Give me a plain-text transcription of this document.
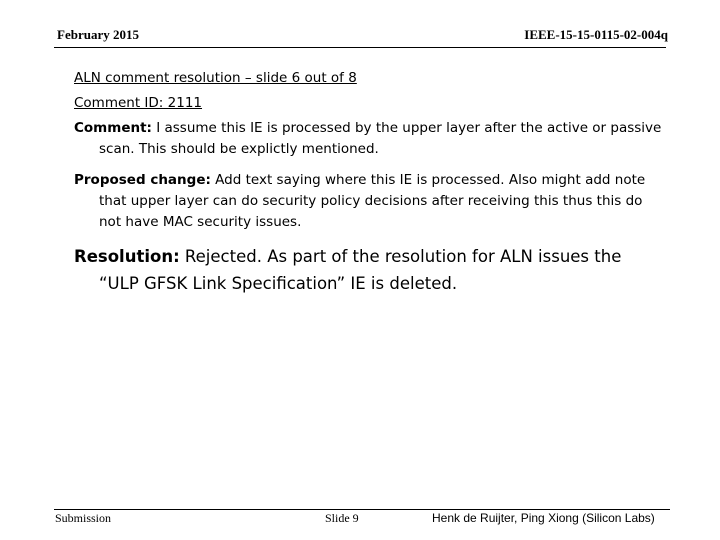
February 2015	IEEE-15-15-0115-02-004q

ALN comment resolution – slide 6 out of 8

Comment ID: 2111

Comment: I assume this IE is processed by the upper layer after the active or passive scan. This should be explictly mentioned.

Proposed change: Add text saying where this IE is processed. Also might add note that upper layer can do security policy decisions after receiving this thus this do not have MAC security issues.

Resolution: Rejected. As part of the resolution for ALN issues the “ULP GFSK Link Specification” IE is deleted.

Submission	Slide 9	Henk de Ruijter, Ping Xiong (Silicon Labs)
